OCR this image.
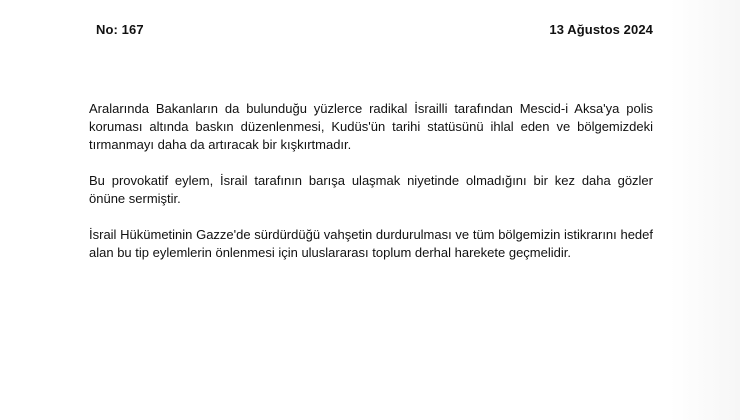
No: 167	13 Ağustos 2024

Aralarında Bakanların da bulunduğu yüzlerce radikal İsrailli tarafından Mescid-i Aksa'ya polis koruması altında baskın düzenlenmesi, Kudüs'ün tarihi statüsünü ihlal eden ve bölgemizdeki tırmanmayı daha da artıracak bir kışkırtmadır.

Bu provokatif eylem, İsrail tarafının barışa ulaşmak niyetinde olmadığını bir kez daha gözler önüne sermiştir.

İsrail Hükümetinin Gazze'de sürdürdüğü vahşetin durdurulması ve tüm bölgemizin istikrarını hedef alan bu tip eylemlerin önlenmesi için uluslararası toplum derhal harekete geçmelidir.
